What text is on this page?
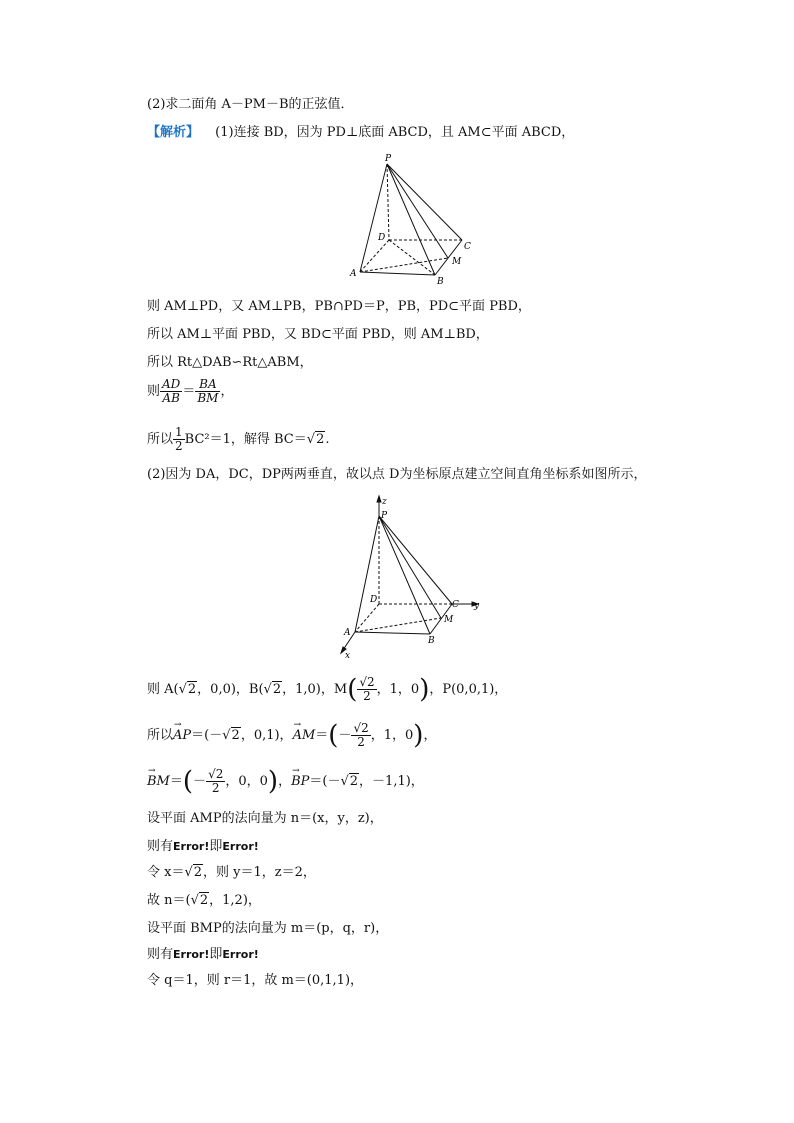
(2)求二面角 A－PM－B的正弦值．
【解析】 (1)连接 BD，因为 PD⊥底面 ABCD，且 AM⊂平面 ABCD，
P
D
C
M
A
B
则 AM⊥PD，又 AM⊥PB，PB∩PD＝P，PB，PD⊂平面 PBD，
所以 AM⊥平面 PBD，又 BD⊂平面 PBD，则 AM⊥BD，
所以 Rt△DAB∽Rt△ABM，
则 $\frac{AD}{AB} = \frac{BA}{BM}$ ，
所以 $\frac{1}{2} BC^2=1$，解得 BC＝√2.
(2)因为 DA，DC，DP两两垂直，故以点 D为坐标原点建立空间直角坐标系如图所示，
z
P
D	C y
M
A
B
x
则 A(√2，0,0)，B(√2，1,0)，$M( \frac{√2}{2}$ ，1，0)，P(0,0,1)，
所以→ AP＝(－√2，0,1)，→ $AM=(- \frac{√2}{2}$ ，1，0)，
→ $BM=(- \frac{√2}{2}$ ，0，0)，→ BP＝(－√2，－1,1)，
设平面 AMP的法向量为 n＝(x，y，z)，
则有Error!即Error!
令 x＝√2，则 y＝1，z＝2，
故 n＝(√2，1,2)，
设平面 BMP的法向量为 m＝(p，q，r)，
则有Error!即Error!
令 q＝1，则 r＝1，故 m＝(0,1,1)，
